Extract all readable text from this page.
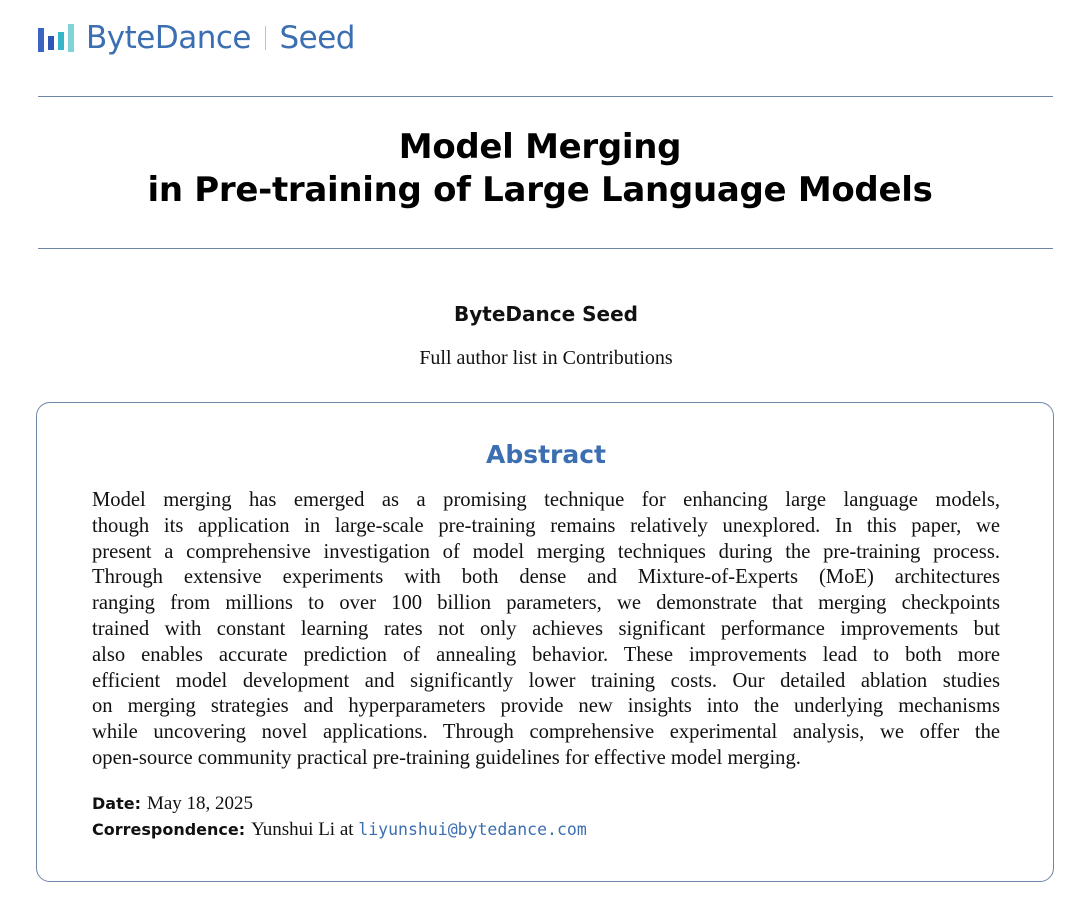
ByteDance Seed
Model Merging
in Pre-training of Large Language Models
ByteDance Seed
Full author list in Contributions
Abstract
Model merging has emerged as a promising technique for enhancing large language models,
though its application in large-scale pre-training remains relatively unexplored. In this paper, we
present a comprehensive investigation of model merging techniques during the pre-training process.
Through extensive experiments with both dense and Mixture-of-Experts (MoE) architectures
ranging from millions to over 100 billion parameters, we demonstrate that merging checkpoints
trained with constant learning rates not only achieves significant performance improvements but
also enables accurate prediction of annealing behavior. These improvements lead to both more
efficient model development and significantly lower training costs. Our detailed ablation studies
on merging strategies and hyperparameters provide new insights into the underlying mechanisms
while uncovering novel applications. Through comprehensive experimental analysis, we offer the
open-source community practical pre-training guidelines for effective model merging.
Date: May 18, 2025
Correspondence: Yunshui Li at liyunshui@bytedance.com
